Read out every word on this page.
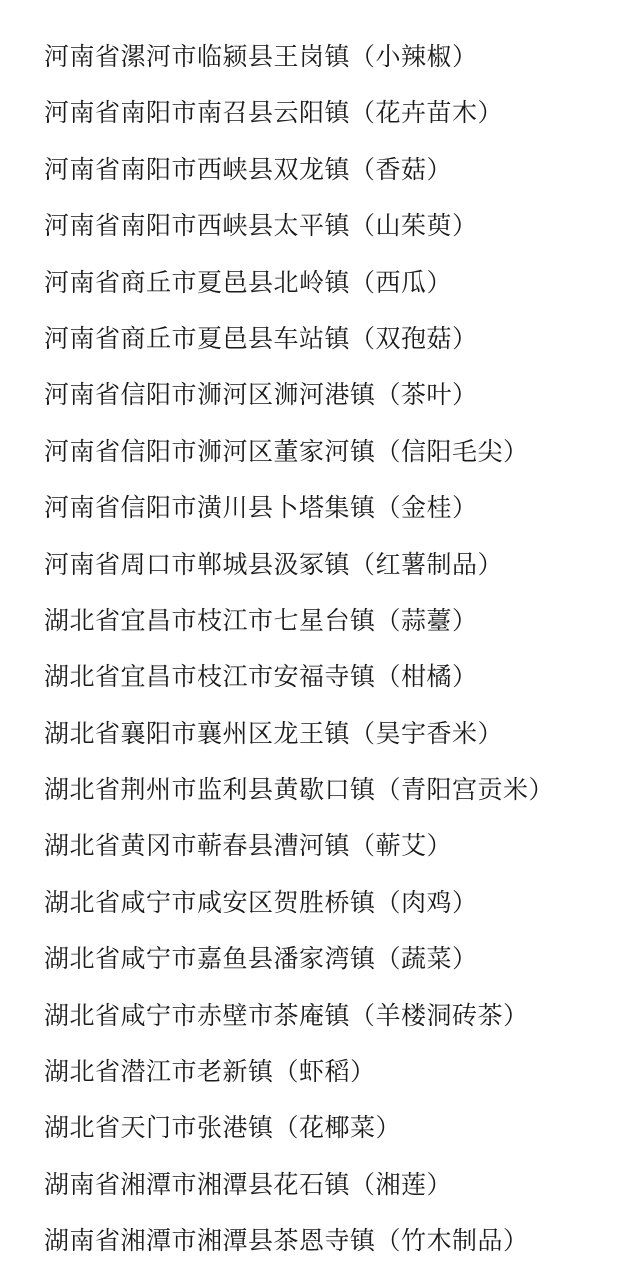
河南省漯河市临颍县王岗镇（小辣椒）
河南省南阳市南召县云阳镇（花卉苗木）
河南省南阳市西峡县双龙镇（香菇）
河南省南阳市西峡县太平镇（山茱萸）
河南省商丘市夏邑县北岭镇（西瓜）
河南省商丘市夏邑县车站镇（双孢菇）
河南省信阳市浉河区浉河港镇（茶叶）
河南省信阳市浉河区董家河镇（信阳毛尖）
河南省信阳市潢川县卜塔集镇（金桂）
河南省周口市郸城县汲冢镇（红薯制品）
湖北省宜昌市枝江市七星台镇（蒜薹）
湖北省宜昌市枝江市安福寺镇（柑橘）
湖北省襄阳市襄州区龙王镇（昊宇香米）
湖北省荆州市监利县黄歇口镇（青阳宫贡米）
湖北省黄冈市蕲春县漕河镇（蕲艾）
湖北省咸宁市咸安区贺胜桥镇（肉鸡）
湖北省咸宁市嘉鱼县潘家湾镇（蔬菜）
湖北省咸宁市赤壁市茶庵镇（羊楼洞砖茶）
湖北省潜江市老新镇（虾稻）
湖北省天门市张港镇（花椰菜）
湖南省湘潭市湘潭县花石镇（湘莲）
湖南省湘潭市湘潭县茶恩寺镇（竹木制品）
